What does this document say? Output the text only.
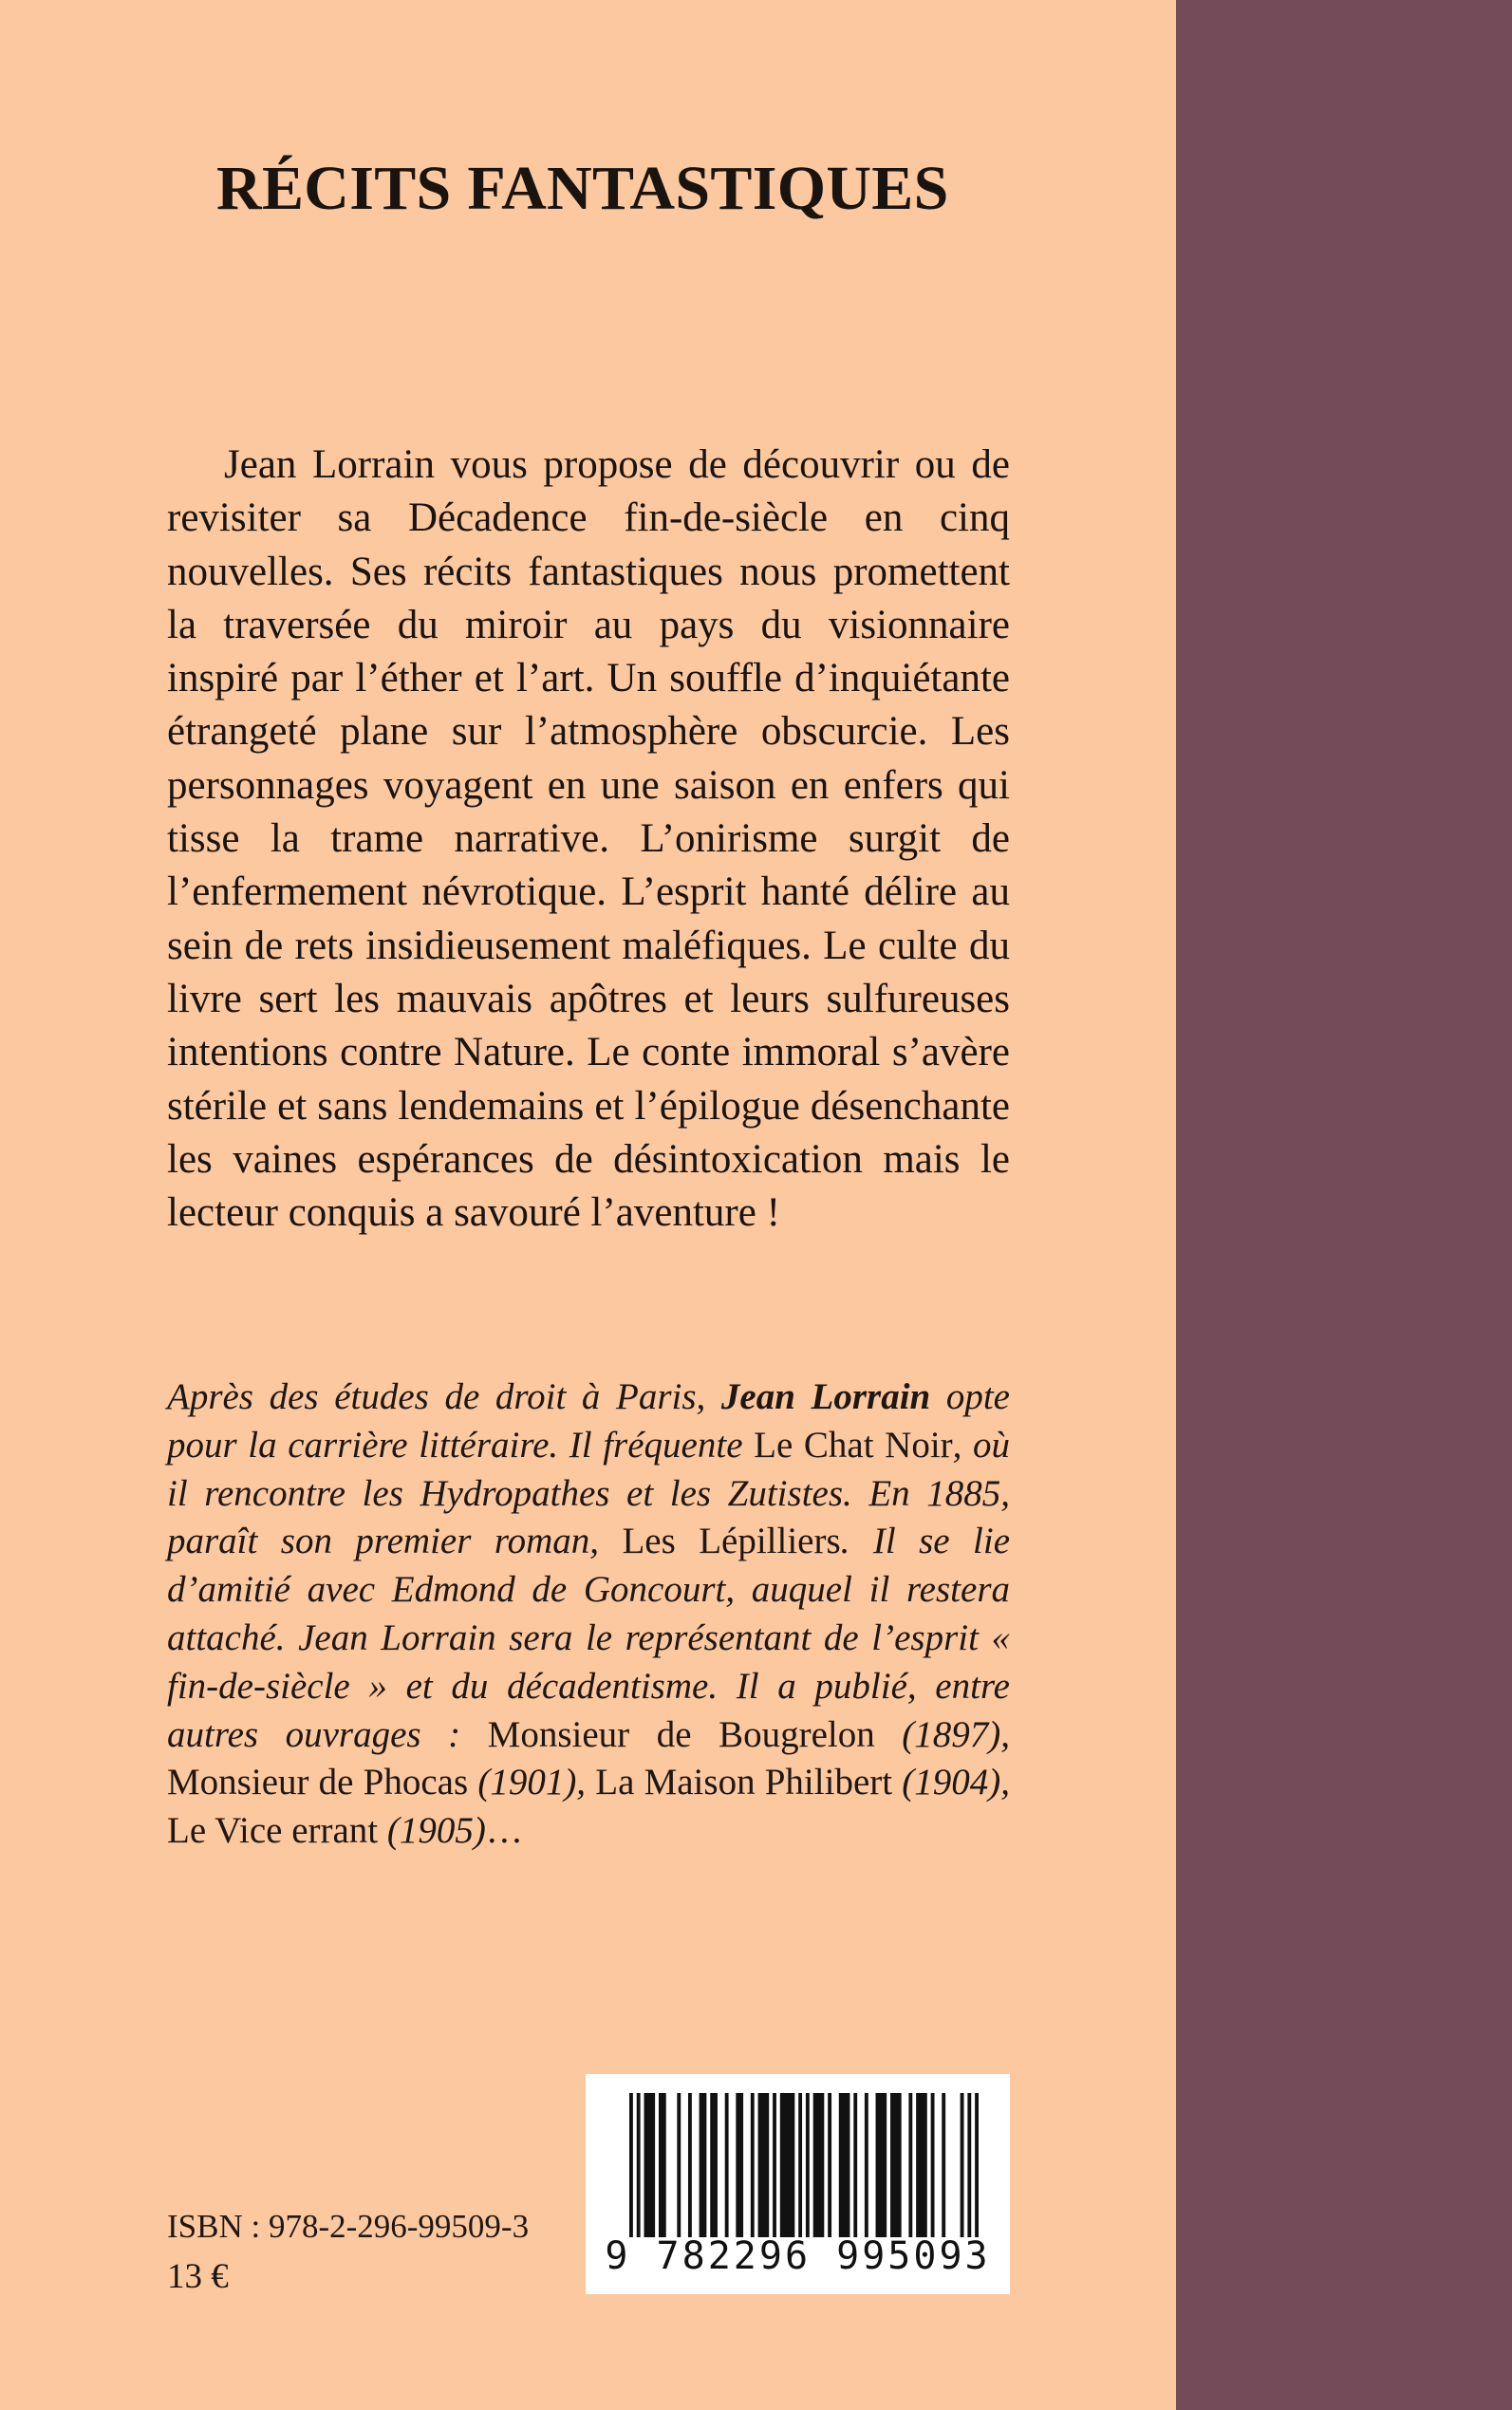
RÉCITS FANTASTIQUES

Jean Lorrain vous propose de découvrir ou de revisiter sa Décadence fin-de-siècle en cinq nouvelles. Ses récits fantastiques nous promettent la traversée du miroir au pays du visionnaire inspiré par l’éther et l’art. Un souffle d’inquiétante étrangeté plane sur l’atmosphère obscurcie. Les personnages voyagent en une saison en enfers qui tisse la trame narrative. L’onirisme surgit de l’enfermement névrotique. L’esprit hanté délire au sein de rets insidieusement maléfiques. Le culte du livre sert les mauvais apôtres et leurs sulfureuses intentions contre Nature. Le conte immoral s’avère stérile et sans lendemains et l’épilogue désenchante les vaines espérances de désintoxication mais le lecteur conquis a savouré l’aventure !

Après des études de droit à Paris, Jean Lorrain opte pour la carrière littéraire. Il fréquente Le Chat Noir, où il rencontre les Hydropathes et les Zutistes. En 1885, paraît son premier roman, Les Lépilliers. Il se lie d’amitié avec Edmond de Goncourt, auquel il restera attaché. Jean Lorrain sera le représentant de l’esprit « fin-de-siècle » et du décadentisme. Il a publié, entre autres ouvrages : Monsieur de Bougrelon (1897), Monsieur de Phocas (1901), La Maison Philibert (1904), Le Vice errant (1905)…

9 782296 995093

ISBN : 978-2-296-99509-3

13 €
